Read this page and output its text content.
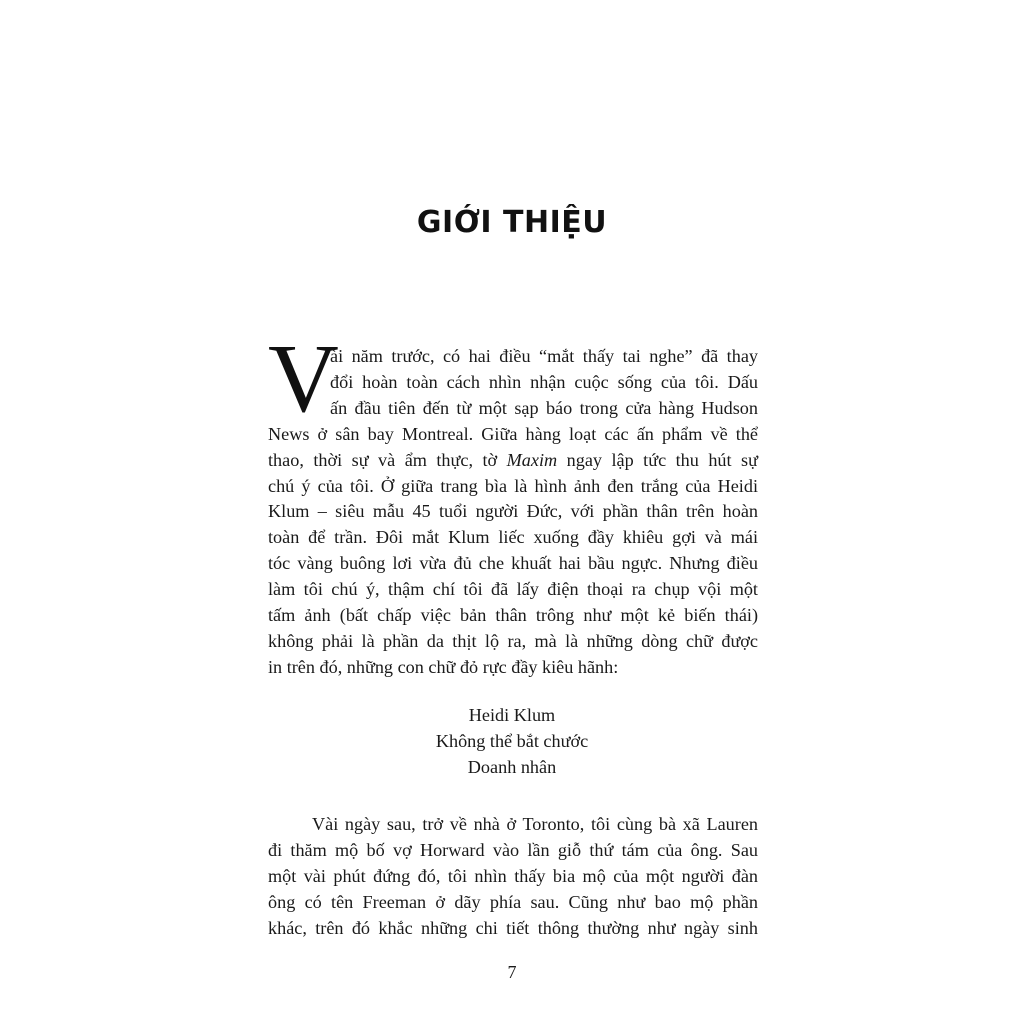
GIỚI THIỆU
V
ài năm trước, có hai điều “mắt thấy tai nghe” đã thay
đổi hoàn toàn cách nhìn nhận cuộc sống của tôi. Dấu
ấn đầu tiên đến từ một sạp báo trong cửa hàng Hudson
News ở sân bay Montreal. Giữa hàng loạt các ấn phẩm về thể
thao, thời sự và ẩm thực, tờ Maxim ngay lập tức thu hút sự
chú ý của tôi. Ở giữa trang bìa là hình ảnh đen trắng của Heidi
Klum – siêu mẫu 45 tuổi người Đức, với phần thân trên hoàn
toàn để trần. Đôi mắt Klum liếc xuống đầy khiêu gợi và mái
tóc vàng buông lơi vừa đủ che khuất hai bầu ngực. Nhưng điều
làm tôi chú ý, thậm chí tôi đã lấy điện thoại ra chụp vội một
tấm ảnh (bất chấp việc bản thân trông như một kẻ biến thái)
không phải là phần da thịt lộ ra, mà là những dòng chữ được
in trên đó, những con chữ đỏ rực đầy kiêu hãnh:
Heidi Klum
Không thể bắt chước
Doanh nhân
Vài ngày sau, trở về nhà ở Toronto, tôi cùng bà xã Lauren
đi thăm mộ bố vợ Horward vào lần giỗ thứ tám của ông. Sau
một vài phút đứng đó, tôi nhìn thấy bia mộ của một người đàn
ông có tên Freeman ở dãy phía sau. Cũng như bao mộ phần
khác, trên đó khắc những chi tiết thông thường như ngày sinh
7
